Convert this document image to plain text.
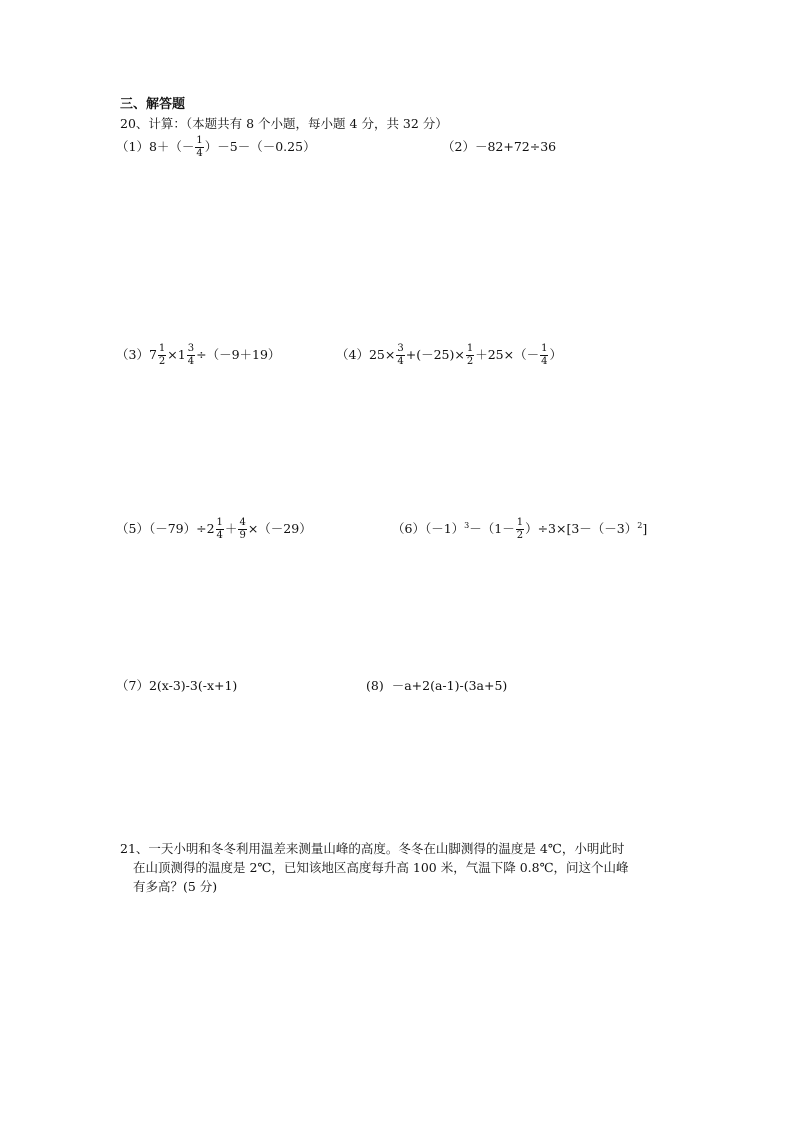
三、解答题
20、计算：（本题共有 8 个小题，每小题 4 分，共 32 分）
$(1)8+(- \frac{1}{4} )-5-(-0.25)$	（2）－82+72÷36
$(3)7 \frac{1}{2} \times 1 \frac{3}{4} \div(-9+19)$	$(4)25\times \frac{3}{4} +(-25)\times \frac{1}{2} +25\times(- \frac{1}{4}$ ）
$(5)(-79)\div 2 \frac{1}{4} + \frac{4}{9} \times(-29)$	$(6)(-1)^3-(1- \frac{1}{2} )\div 3\times[3-(-3)^2]$
（7）2(x-3)-3(-x+1)	(8) －a+2(a-1)-(3a+5)
21、一天小明和冬冬利用温差来测量山峰的高度。冬冬在山脚测得的温度是 4℃，小明此时
在山顶测得的温度是 2℃，已知该地区高度每升高 100 米，气温下降 0.8℃，问这个山峰
有多高？(5 分)
